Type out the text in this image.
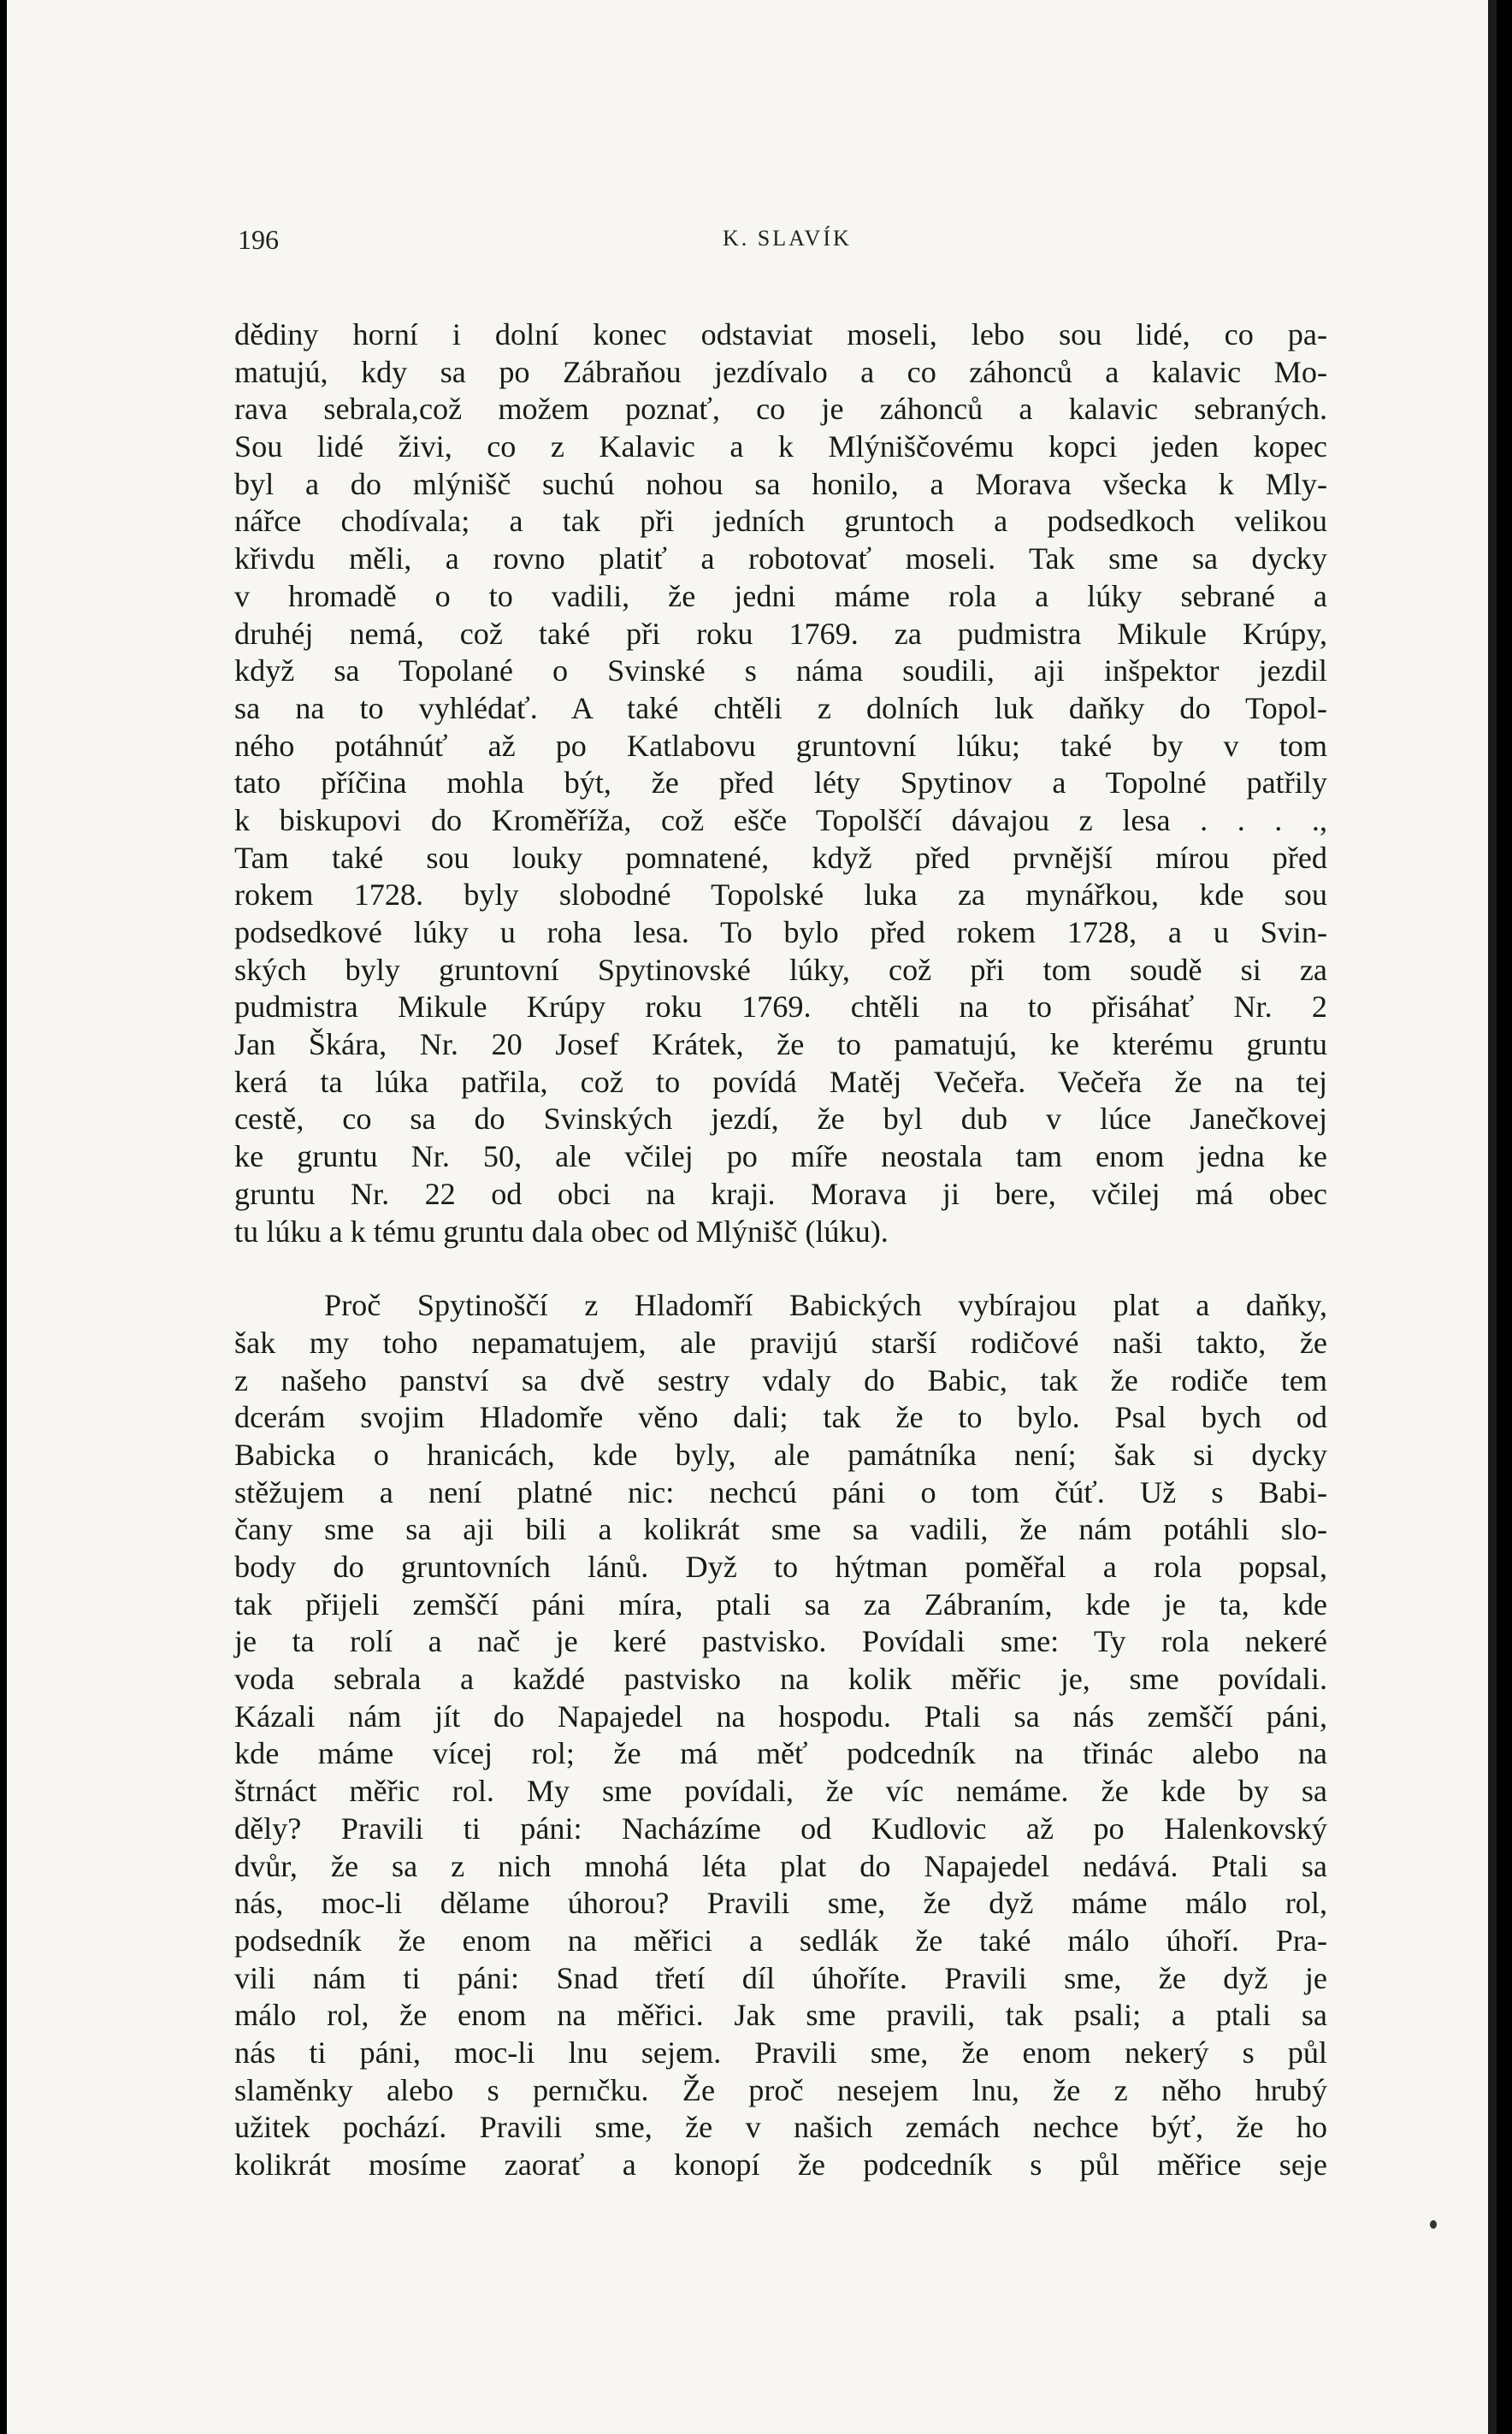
196	K. SLAVÍK
dědiny horní i dolní konec odstaviat moseli, lebo sou lidé, co pa-
matujú, kdy sa po Zábraňou jezdívalo a co záhonců a kalavic Mo-
rava sebrala,což možem poznať, co je záhonců a kalavic sebraných.
Sou lidé živi, co z Kalavic a k Mlýniščovému kopci jeden kopec
byl a do mlýnišč suchú nohou sa honilo, a Morava všecka k Mly-
nářce chodívala; a tak při jedních gruntoch a podsedkoch velikou
křivdu měli, a rovno platiť a robotovať moseli. Tak sme sa dycky
v hromadě o to vadili, že jedni máme rola a lúky sebrané a
druhéj nemá, což také při roku 1769. za pudmistra Mikule Krúpy,
když sa Topolané o Svinské s náma soudili, aji inšpektor jezdil
sa na to vyhlédať. A také chtěli z dolních luk daňky do Topol-
ného potáhnúť až po Katlabovu gruntovní lúku; také by v tom
tato příčina mohla být, že před léty Spytinov a Topolné patřily
k biskupovi do Kroměříža, což ešče Topolščí dávajou z lesa . . . .,
Tam také sou louky pomnatené, když před prvnější mírou před
rokem 1728. byly slobodné Topolské luka za mynářkou, kde sou
podsedkové lúky u roha lesa. To bylo před rokem 1728, a u Svin-
ských byly gruntovní Spytinovské lúky, což při tom soudě si za
pudmistra Mikule Krúpy roku 1769. chtěli na to přisáhať Nr. 2
Jan Škára, Nr. 20 Josef Krátek, že to pamatujú, ke kterému gruntu
kerá ta lúka patřila, což to povídá Matěj Večeřa. Večeřa že na tej
cestě, co sa do Svinských jezdí, že byl dub v lúce Janečkovej
ke gruntu Nr. 50, ale včilej po míře neostala tam enom jedna ke
gruntu Nr. 22 od obci na kraji. Morava ji bere, včilej má obec
tu lúku a k tému gruntu dala obec od Mlýnišč (lúku).
Proč Spytinoščí z Hladomří Babických vybírajou plat a daňky,
šak my toho nepamatujem, ale pravijú starší rodičové naši takto, že
z našeho panství sa dvě sestry vdaly do Babic, tak že rodiče tem
dcerám svojim Hladomře věno dali; tak že to bylo. Psal bych od
Babicka o hranicách, kde byly, ale památníka není; šak si dycky
stěžujem a není platné nic: nechcú páni o tom čúť. Už s Babi-
čany sme sa aji bili a kolikrát sme sa vadili, že nám potáhli slo-
body do gruntovních lánů. Dyž to hýtman poměřal a rola popsal,
tak přijeli zemščí páni míra, ptali sa za Zábraním, kde je ta, kde
je ta rolí a nač je keré pastvisko. Povídali sme: Ty rola nekeré
voda sebrala a každé pastvisko na kolik měřic je, sme povídali.
Kázali nám jít do Napajedel na hospodu. Ptali sa nás zemščí páni,
kde máme vícej rol; že má měť podcedník na třinác alebo na
štrnáct měřic rol. My sme povídali, že víc nemáme. že kde by sa
děly? Pravili ti páni: Nacházíme od Kudlovic až po Halenkovský
dvůr, že sa z nich mnohá léta plat do Napajedel nedává. Ptali sa
nás, moc-li dělame úhorou? Pravili sme, že dyž máme málo rol,
podsedník že enom na měřici a sedlák že také málo úhoří. Pra-
vili nám ti páni: Snad třetí díl úhoříte. Pravili sme, že dyž je
málo rol, že enom na měřici. Jak sme pravili, tak psali; a ptali sa
nás ti páni, moc-li lnu sejem. Pravili sme, že enom nekerý s půl
slaměnky alebo s pernıčku. Že proč nesejem lnu, že z něho hrubý
užitek pochází. Pravili sme, že v našich zemách nechce býť, že ho
kolikrát mosíme zaorať a konopí že podcedník s půl měřice seje
